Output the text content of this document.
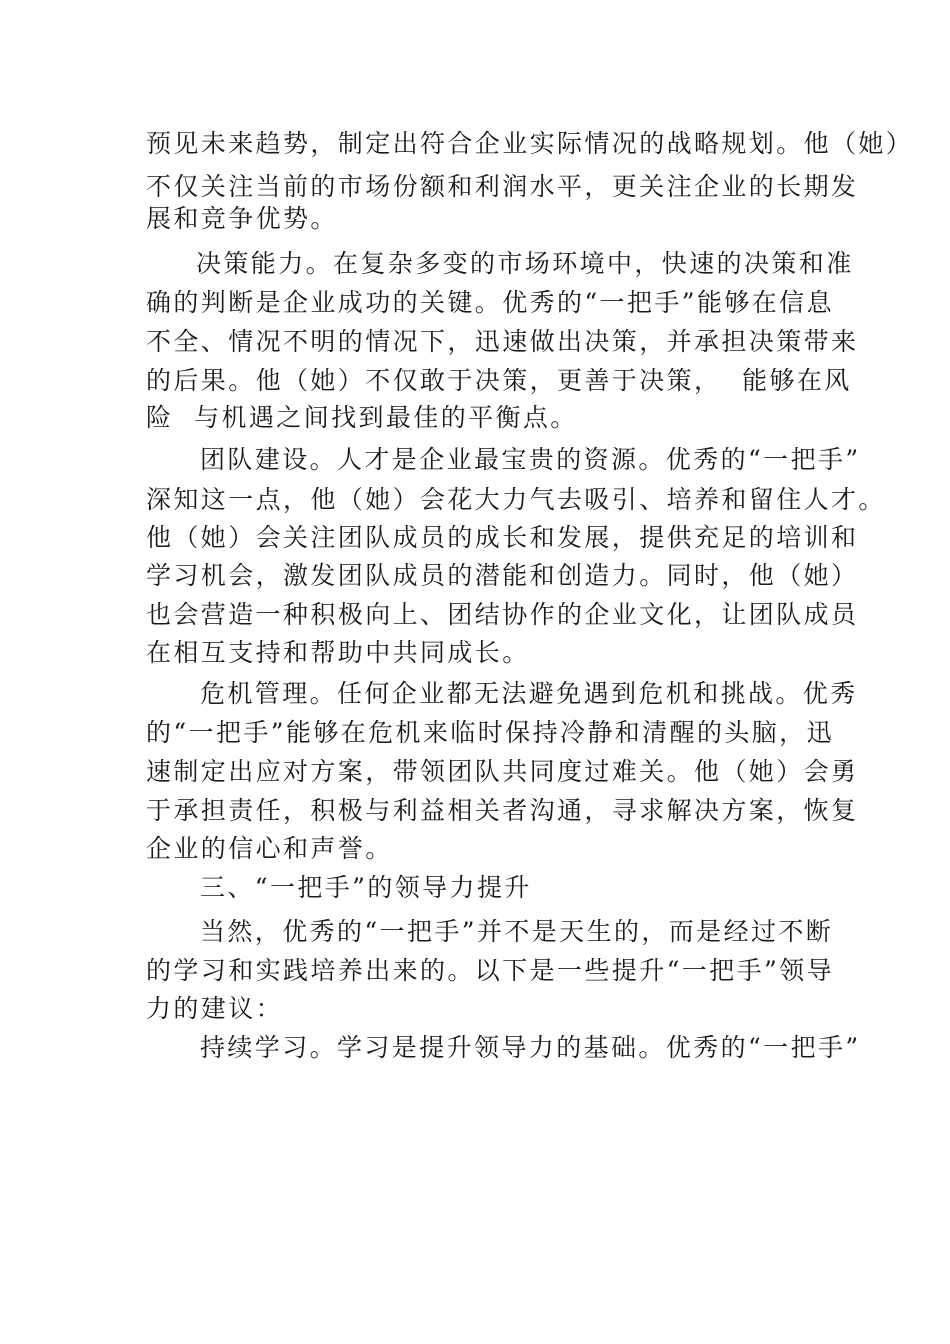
预见未来趋势，制定出符合企业实际情况的战略规划。他（她）
不仅关注当前的市场份额和利润水平，更关注企业的长期发
展和竞争优势。
决策能力。在复杂多变的市场环境中，快速的决策和准
确的判断是企业成功的关键。优秀的“一把手”能够在信息
不全、情况不明的情况下，迅速做出决策，并承担决策带来
的后果。他（她）不仅敢于决策，更善于决策，  能够在风
险  与机遇之间找到最佳的平衡点。
团队建设。人才是企业最宝贵的资源。优秀的“一把手”
深知这一点，他（她）会花大力气去吸引、培养和留住人才。
他（她）会关注团队成员的成长和发展，提供充足的培训和
学习机会，激发团队成员的潜能和创造力。同时，他（她）
也会营造一种积极向上、团结协作的企业文化，让团队成员
在相互支持和帮助中共同成长。
危机管理。任何企业都无法避免遇到危机和挑战。优秀
的“一把手”能够在危机来临时保持冷静和清醒的头脑，迅
速制定出应对方案，带领团队共同度过难关。他（她）会勇
于承担责任，积极与利益相关者沟通，寻求解决方案，恢复
企业的信心和声誉。
三、“一把手”的领导力提升
当然，优秀的“一把手”并不是天生的，而是经过不断
的学习和实践培养出来的。以下是一些提升“一把手”领导
力的建议：
持续学习。学习是提升领导力的基础。优秀的“一把手”
